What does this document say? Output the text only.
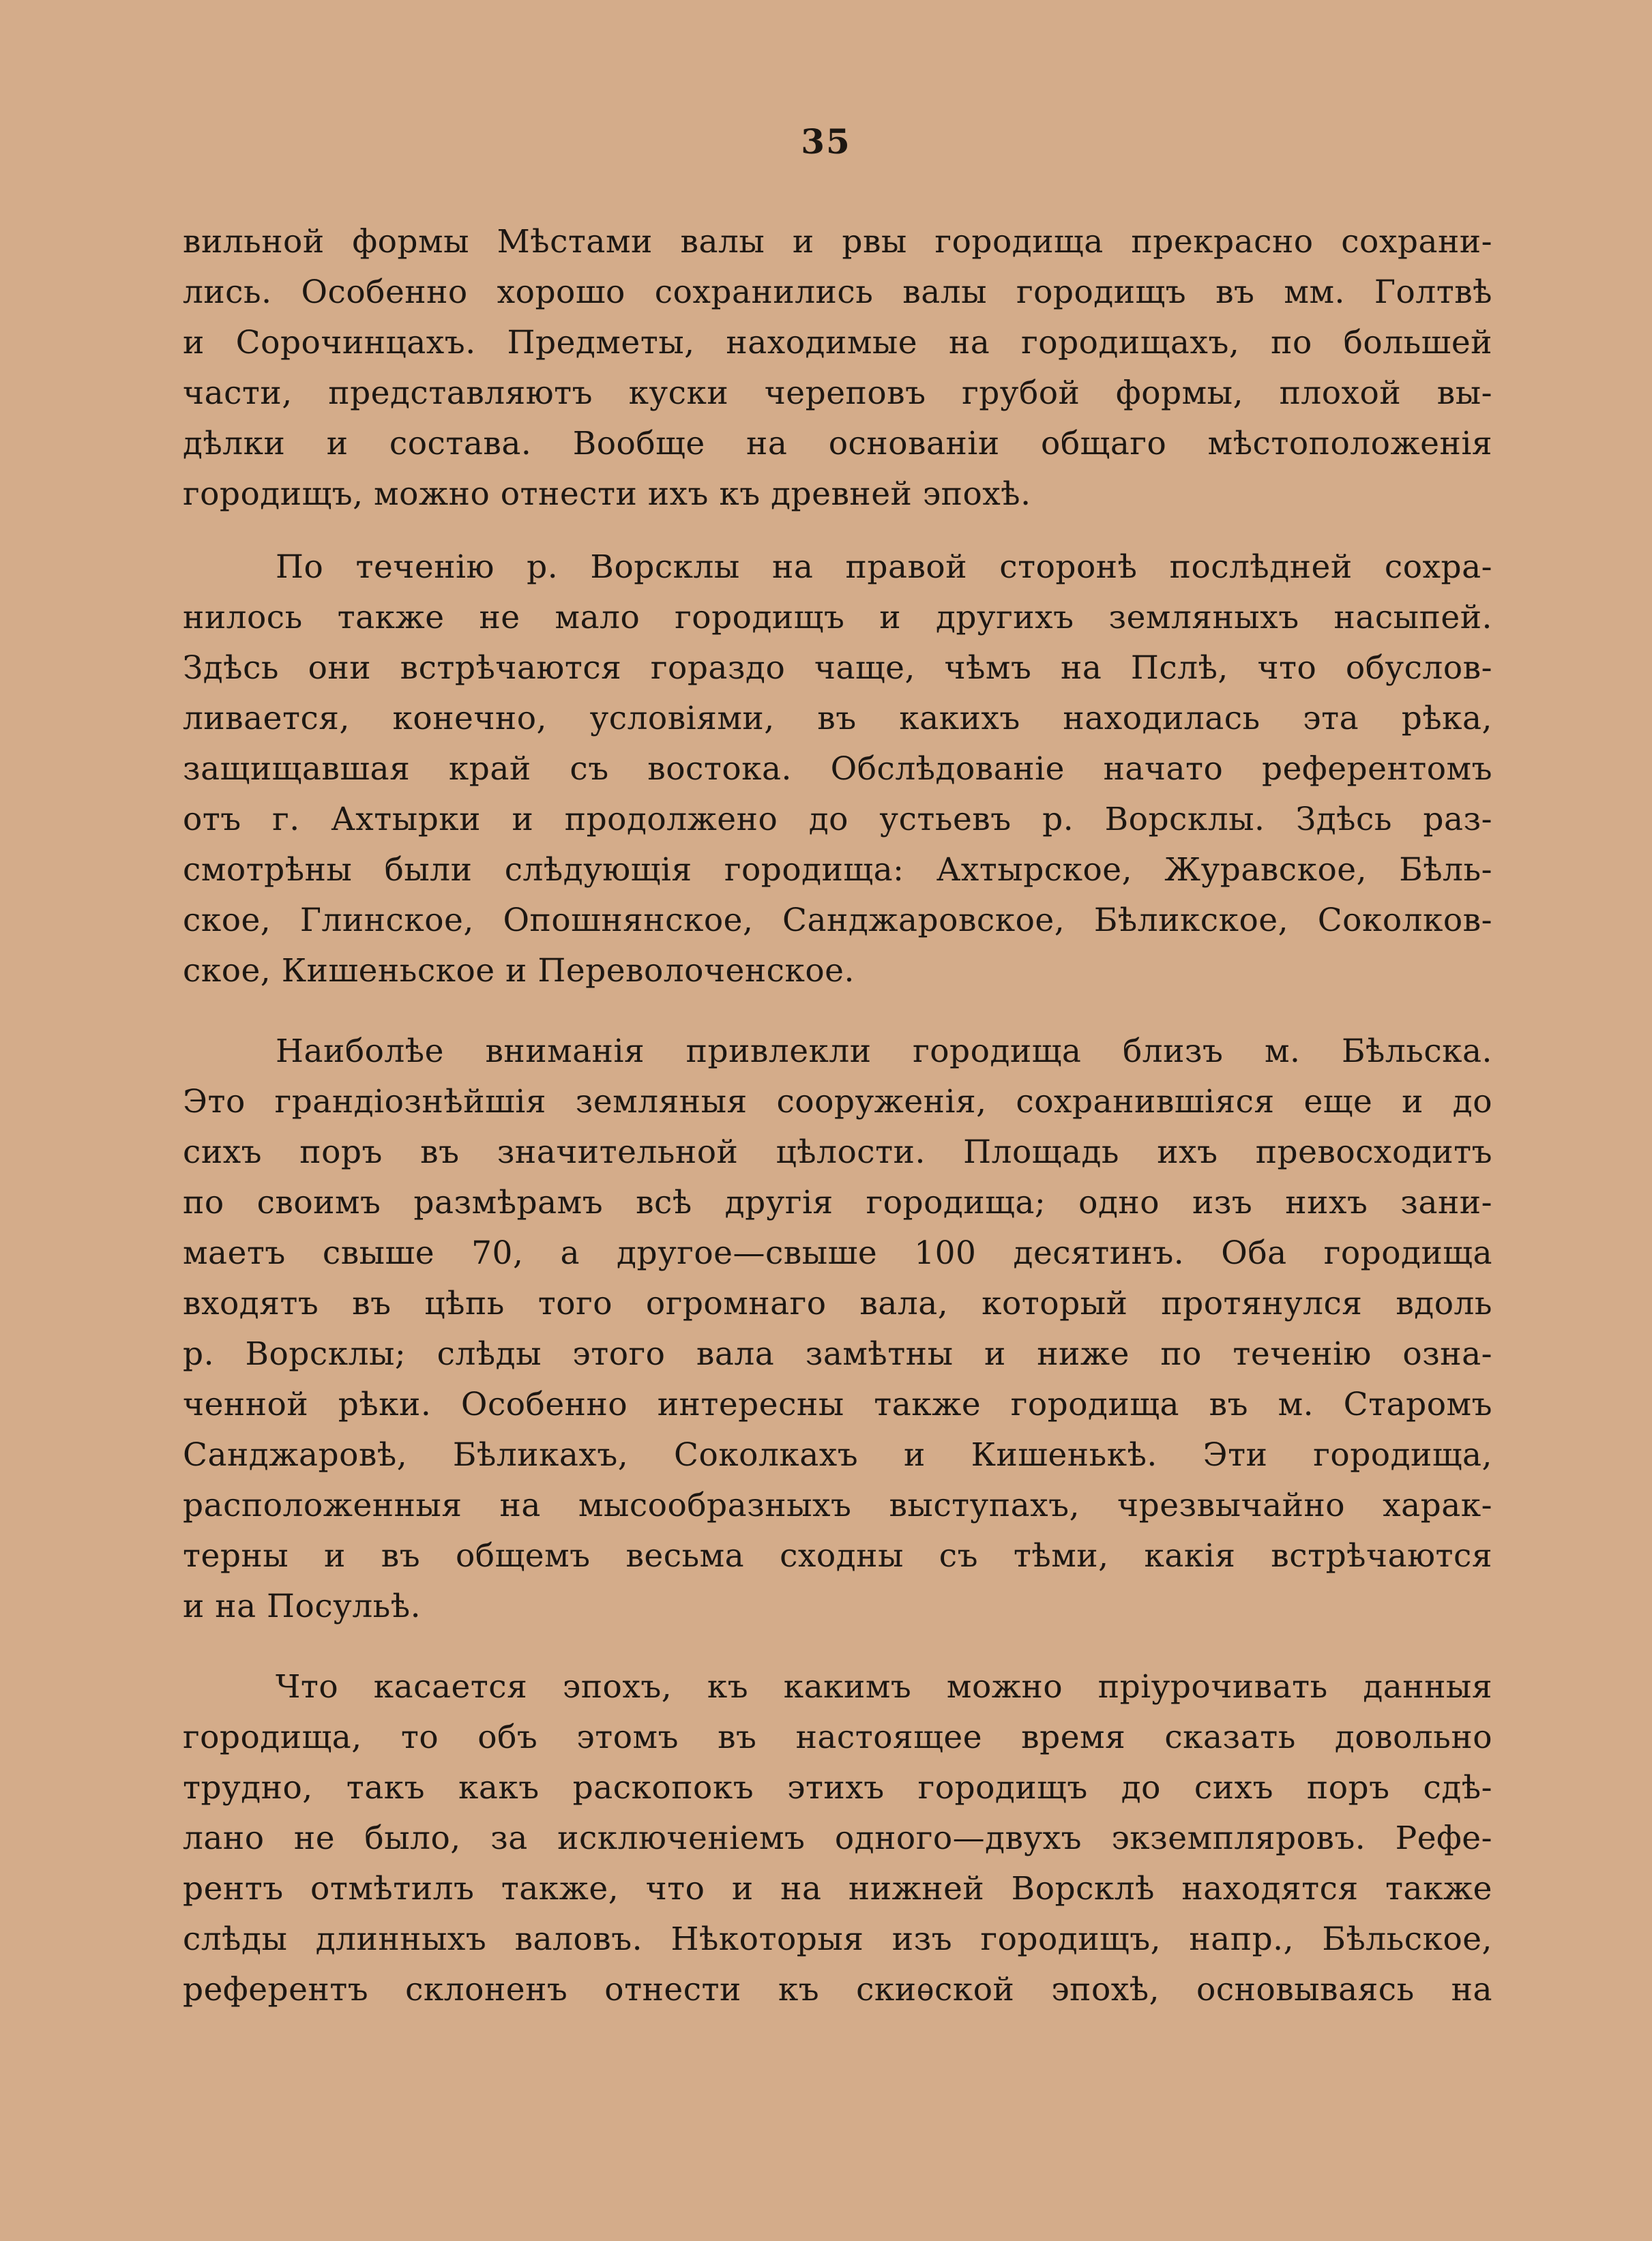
35
вильной формы Мѣстами валы и рвы городища прекрасно сохрани-
лись. Особенно хорошо сохранились валы городищъ въ мм. Голтвѣ
и Сорочинцахъ. Предметы, находимые на городищахъ, по большей
части, представляютъ куски череповъ грубой формы, плохой вы-
дѣлки и состава. Вообще на основаніи общаго мѣстоположенія
городищъ, можно отнести ихъ къ древней эпохѣ.
По теченію р. Ворсклы на правой сторонѣ послѣдней сохра-
нилось также не мало городищъ и другихъ земляныхъ насыпей.
Здѣсь они встрѣчаются гораздо чаще, чѣмъ на Пслѣ, что обуслов-
ливается, конечно, условіями, въ какихъ находилась эта рѣка,
защищавшая край съ востока. Обслѣдованіе начато референтомъ
отъ г. Ахтырки и продолжено до устьевъ р. Ворсклы. Здѣсь раз-
смотрѣны были слѣдующія городища: Ахтырское, Журавское, Бѣль-
ское, Глинское, Опошнянское, Санджаровское, Бѣликское, Соколков-
ское, Кишеньское и Переволоченское.
Наиболѣе вниманія привлекли городища близъ м. Бѣльска.
Это грандіознѣйшія земляныя сооруженія, сохранившіяся еще и до
сихъ поръ въ значительной цѣлости. Площадь ихъ превосходитъ
по своимъ размѣрамъ всѣ другія городища; одно изъ нихъ зани-
маетъ свыше 70, а другое—свыше 100 десятинъ. Оба городища
входятъ въ цѣпь того огромнаго вала, который протянулся вдоль
р. Ворсклы; слѣды этого вала замѣтны и ниже по теченію озна-
ченной рѣки. Особенно интересны также городища въ м. Старомъ
Санджаровѣ, Бѣликахъ, Соколкахъ и Кишенькѣ. Эти городища,
расположенныя на мысообразныхъ выступахъ, чрезвычайно харак-
терны и въ общемъ весьма сходны съ тѣми, какія встрѣчаются
и на Посульѣ.
Что касается эпохъ, къ какимъ можно пріурочивать данныя
городища, то объ этомъ въ настоящее время сказать довольно
трудно, такъ какъ раскопокъ этихъ городищъ до сихъ поръ сдѣ-
лано не было, за исключеніемъ одного—двухъ экземпляровъ. Рефе-
рентъ отмѣтилъ также, что и на нижней Ворсклѣ находятся также
слѣды длинныхъ валовъ. Нѣкоторыя изъ городищъ, напр., Бѣльское,
референтъ склоненъ отнести къ скиѳской эпохѣ, основываясь на
